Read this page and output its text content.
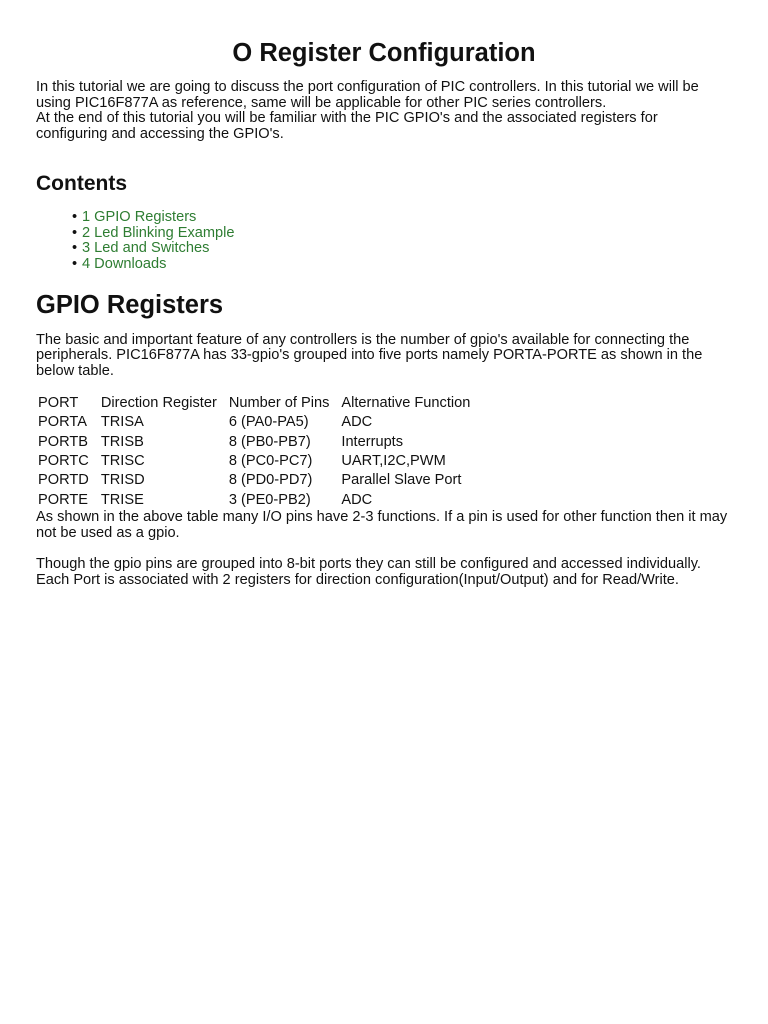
O Register Configuration

In this tutorial we are going to discuss the port configuration of PIC controllers. In this tutorial we will be using PIC16F877A as reference, same will be applicable for other PIC series controllers.

At the end of this tutorial you will be familiar with the PIC GPIO's and the associated registers for configuring and accessing the GPIO's.

Contents
• 1 GPIO Registers
• 2 Led Blinking Example
• 3 Led and Switches
• 4 Downloads
GPIO Registers

The basic and important feature of any controllers is the number of gpio's available for connecting the peripherals. PIC16F877A has 33-gpio's grouped into five ports namely PORTA-PORTE as shown in the below table.

PORT	Direction Register	Number of Pins	Alternative Function
PORTA	TRISA	6 (PA0-PA5)	ADC
PORTB	TRISB	8 (PB0-PB7)	Interrupts
PORTC	TRISC	8 (PC0-PC7)	UART,I2C,PWM
PORTD	TRISD	8 (PD0-PD7)	Parallel Slave Port
PORTE	TRISE	3 (PE0-PB2)	ADC

As shown in the above table many I/O pins have 2-3 functions. If a pin is used for other function then it may not be used as a gpio.

Though the gpio pins are grouped into 8-bit ports they can still be configured and accessed individually.

Each Port is associated with 2 registers for direction configuration(Input/Output) and for Read/Write.
